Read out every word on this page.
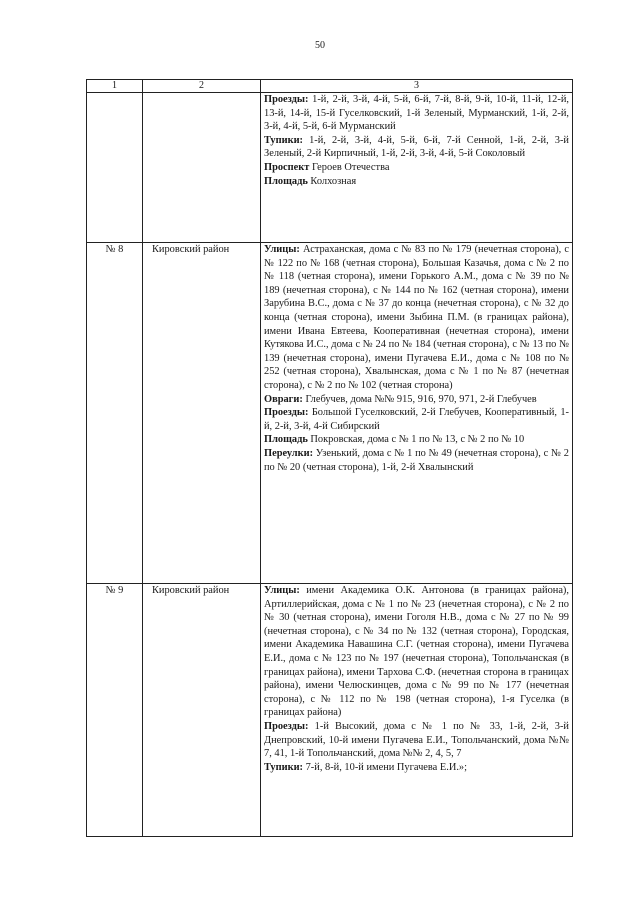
50
1	2	3

		Проезды: 1-й, 2-й, 3-й, 4-й, 5-й, 6-й, 7-й, 8-й, 9-й, 10-й, 11-й, 12-й, 13-й, 14-й, 15-й Гуселковский, 1-й Зеленый, Мурманский, 1-й, 2-й, 3-й, 4-й, 5-й, 6-й Мурманский
Тупики: 1-й, 2-й, 3-й, 4-й, 5-й, 6-й, 7-й Сенной, 1-й, 2-й, 3-й Зеленый, 2-й Кирпичный, 1-й, 2-й, 3-й, 4-й, 5-й Соколовый
Проспект Героев Отечества
Площадь Колхозная

№ 8	Кировский район	Улицы: Астраханская, дома с № 83 по № 179 (нечетная сторона), с № 122 по № 168 (четная сторона), Большая Казачья, дома с № 2 по № 118 (четная сторона), имени Горького А.М., дома с № 39 по № 189 (нечетная сторона), с № 144 по № 162 (четная сторона), имени Зарубина В.С., дома с № 37 до конца (нечетная сторона), с № 32 до конца (четная сторона), имени Зыбина П.М. (в границах района), имени Ивана Евтеева, Кооперативная (нечетная сторона), имени Кутякова И.С., дома с № 24 по № 184 (четная сторона), с № 13 по № 139 (нечетная сторона), имени Пугачева Е.И., дома с № 108 по № 252 (четная сторона), Хвалынская, дома с № 1 по № 87 (нечетная сторона), с № 2 по № 102 (четная сторона)
Овраги: Глебучев, дома №№ 915, 916, 970, 971, 2-й Глебучев
Проезды: Большой Гуселковский, 2-й Глебучев, Кооперативный, 1-й, 2-й, 3-й, 4-й Сибирский
Площадь Покровская, дома с № 1 по № 13, с № 2 по № 10
Переулки: Узенький, дома с № 1 по № 49 (нечетная сторона), с № 2 по № 20 (четная сторона), 1-й, 2-й Хвалынский

№ 9	Кировский район	Улицы: имени Академика О.К. Антонова (в границах района), Артиллерийская, дома с № 1 по № 23 (нечетная сторона), с № 2 по № 30 (четная сторона), имени Гоголя Н.В., дома с № 27 по № 99 (нечетная сторона), с № 34 по № 132 (четная сторона), Городская, имени Академика Навашина С.Г. (четная сторона), имени Пугачева Е.И., дома с № 123 по № 197 (нечетная сторона), Топольчанская (в границах района), имени Тархова С.Ф. (нечетная сторона в границах района), имени Челюскинцев, дома с № 99 по № 177 (нечетная сторона), с № 112 по № 198 (четная сторона), 1-я Гуселка (в границах района)
Проезды: 1-й Высокий, дома с № 1 по № 33, 1-й, 2-й, 3-й Днепровский, 10-й имени Пугачева Е.И., Топольчанский, дома №№ 7, 41, 1-й Топольчанский, дома №№ 2, 4, 5, 7
Тупики: 7-й, 8-й, 10-й имени Пугачева Е.И.»;
